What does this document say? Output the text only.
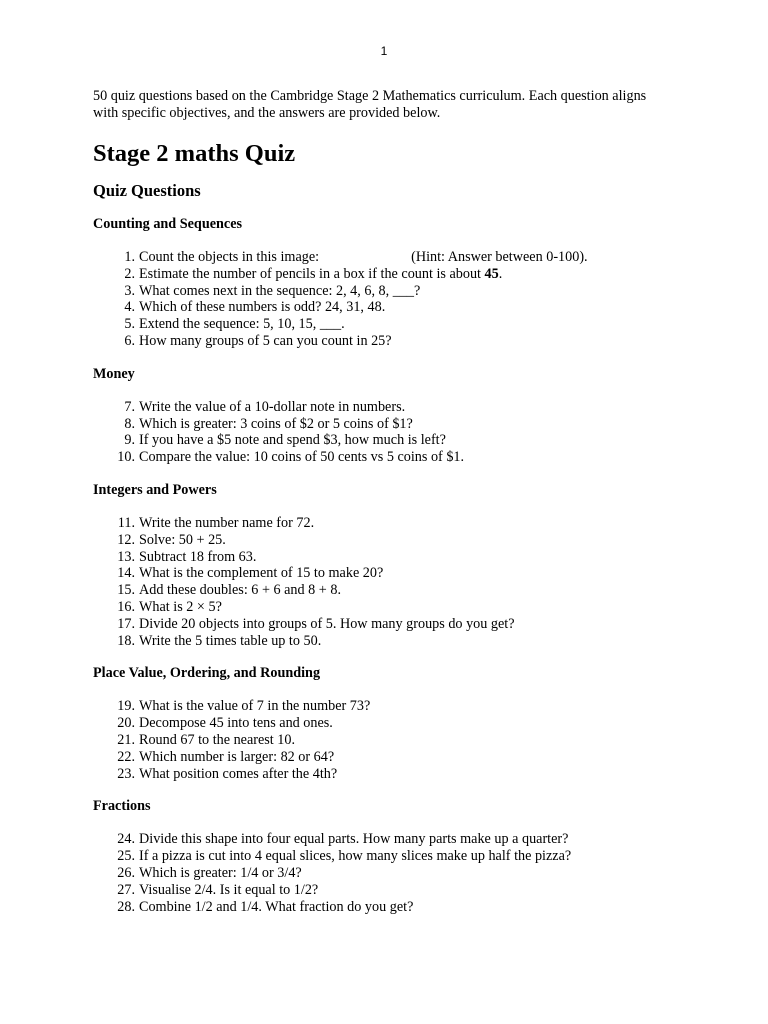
1

50 quiz questions based on the Cambridge Stage 2 Mathematics curriculum. Each question aligns with specific objectives, and the answers are provided below.

Stage 2 maths Quiz
Quiz Questions
Counting and Sequences
1. Count the objects in this image:	(Hint: Answer between 0-100).
2. Estimate the number of pencils in a box if the count is about 45.
3. What comes next in the sequence: 2, 4, 6, 8, ___?
4. Which of these numbers is odd? 24, 31, 48.
5. Extend the sequence: 5, 10, 15, ___.
6. How many groups of 5 can you count in 25?
Money
7. Write the value of a 10-dollar note in numbers.
8. Which is greater: 3 coins of $2 or 5 coins of $1?
9. If you have a $5 note and spend $3, how much is left?
10. Compare the value: 10 coins of 50 cents vs 5 coins of $1.
Integers and Powers
11. Write the number name for 72.
12. Solve: 50 + 25.
13. Subtract 18 from 63.
14. What is the complement of 15 to make 20?
15. Add these doubles: 6 + 6 and 8 + 8.
16. What is 2 × 5?
17. Divide 20 objects into groups of 5. How many groups do you get?
18. Write the 5 times table up to 50.
Place Value, Ordering, and Rounding
19. What is the value of 7 in the number 73?
20. Decompose 45 into tens and ones.
21. Round 67 to the nearest 10.
22. Which number is larger: 82 or 64?
23. What position comes after the 4th?
Fractions
24. Divide this shape into four equal parts. How many parts make up a quarter?
25. If a pizza is cut into 4 equal slices, how many slices make up half the pizza?
26. Which is greater: 1/4 or 3/4?
27. Visualise 2/4. Is it equal to 1/2?
28. Combine 1/2 and 1/4. What fraction do you get?
